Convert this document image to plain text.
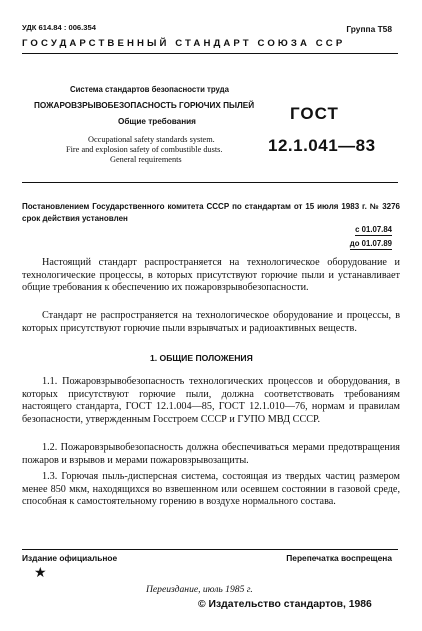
УДК 614.84 : 006.354	Группа Т58
ГОСУДАРСТВЕННЫЙ СТАНДАРТ СОЮЗА ССР
Система стандартов безопасности труда
ПОЖАРОВЗРЫВОБЕЗОПАСНОСТЬ ГОРЮЧИХ ПЫЛЕЙ
Общие требования
Occupational safety standards system.
Fire and explosion safety of combustible dusts.
General requirements
ГОСТ
12.1.041—83
Постановлением Государственного комитета СССР по стандартам от 15 июля 1983 г. № 3276 срок действия установлен
с 01.07.84
до 01.07.89
Настоящий стандарт распространяется на технологическое оборудование и технологические процессы, в которых присутствуют горючие пыли и устанавливает общие требования к обеспечению их пожаровзрывобезопасности.
Стандарт не распространяется на технологическое оборудование и процессы, в которых присутствуют горючие пыли взрывчатых и радиоактивных веществ.
1. ОБЩИЕ ПОЛОЖЕНИЯ
1.1. Пожаровзрывобезопасность технологических процессов и оборудования, в которых присутствуют горючие пыли, должна соответствовать требованиям настоящего стандарта, ГОСТ 12.1.004—85, ГОСТ 12.1.010—76, нормам и правилам безопасности, утвержденным Госстроем СССР и ГУПО МВД СССР.
1.2. Пожаровзрывобезопасность должна обеспечиваться мерами предотвращения пожаров и взрывов и мерами пожаровзрывозащиты.
1.3. Горючая пыль-дисперсная система, состоящая из твердых частиц размером менее 850 мкм, находящихся во взвешенном или осевшем состоянии в газовой среде, способная к самостоятельному горению в воздухе нормального состава.
Издание официальное	Перепечатка воспрещена
★
Переиздание, июль 1985 г.
© Издательство стандартов, 1986
